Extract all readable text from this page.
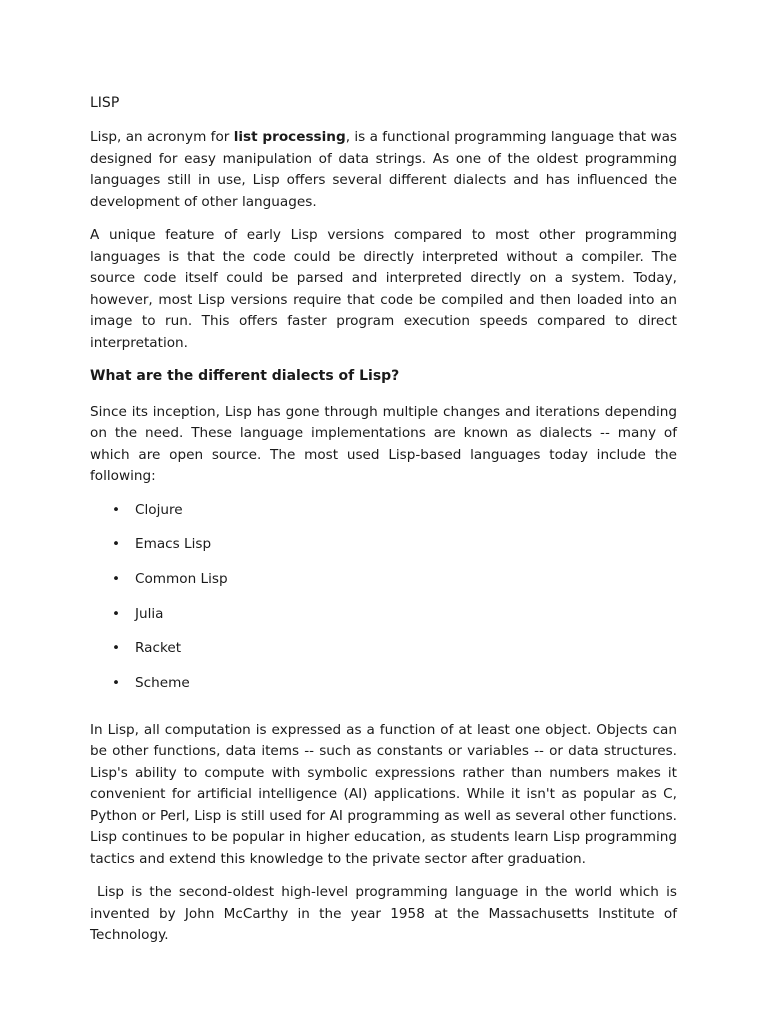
LISP

Lisp, an acronym for list processing, is a functional programming language that was designed for easy manipulation of data strings. As one of the oldest programming languages still in use, Lisp offers several different dialects and has influenced the development of other languages.

A unique feature of early Lisp versions compared to most other programming languages is that the code could be directly interpreted without a compiler. The source code itself could be parsed and interpreted directly on a system. Today, however, most Lisp versions require that code be compiled and then loaded into an image to run. This offers faster program execution speeds compared to direct interpretation.

What are the different dialects of Lisp?

Since its inception, Lisp has gone through multiple changes and iterations depending on the need. These language implementations are known as dialects -- many of which are open source. The most used Lisp-based languages today include the following:

• Clojure
• Emacs Lisp
• Common Lisp
• Julia
• Racket
• Scheme

In Lisp, all computation is expressed as a function of at least one object. Objects can be other functions, data items -- such as constants or variables -- or data structures. Lisp's ability to compute with symbolic expressions rather than numbers makes it convenient for artificial intelligence (AI) applications. While it isn't as popular as C, Python or Perl, Lisp is still used for AI programming as well as several other functions. Lisp continues to be popular in higher education, as students learn Lisp programming tactics and extend this knowledge to the private sector after graduation.

Lisp is the second-oldest high-level programming language in the world which is invented by John McCarthy in the year 1958 at the Massachusetts Institute of Technology.
